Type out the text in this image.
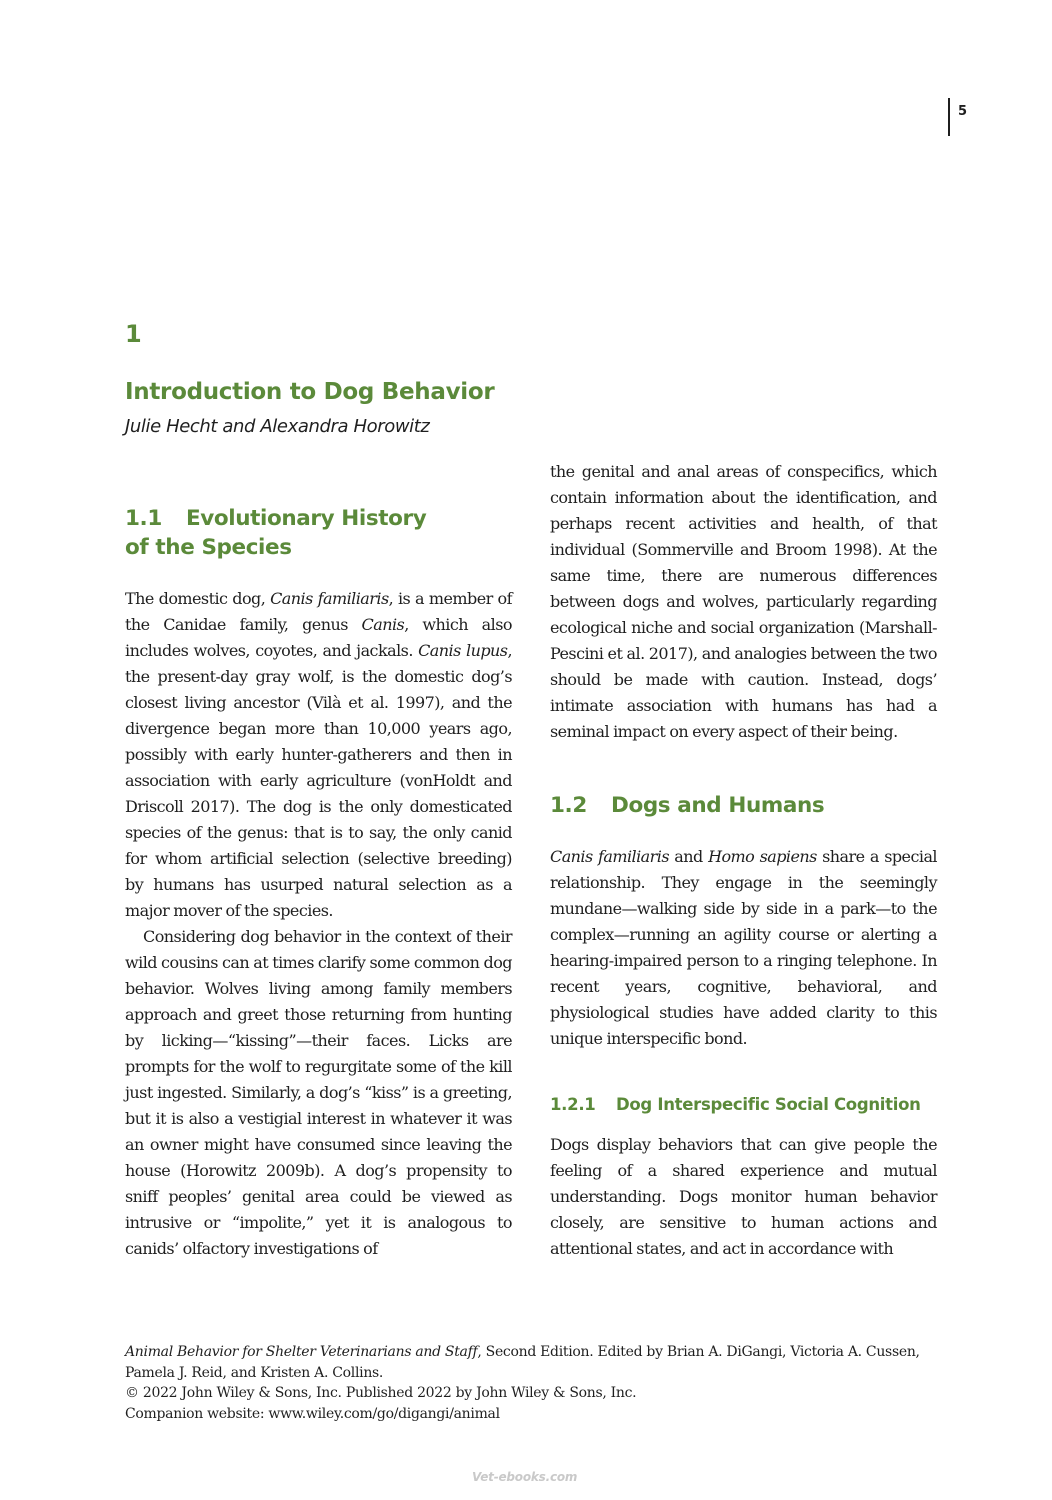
5
1
Introduction to Dog Behavior
Julie Hecht and Alexandra Horowitz
1.1 Evolutionary History
of the Species

The domestic dog, Canis familiaris, is a member of the Canidae family, genus Canis, which also includes wolves, coyotes, and jackals. Canis lupus, the present-day gray wolf, is the domestic dog’s closest living ancestor (Vilà et al. 1997), and the divergence began more than 10,000 years ago, possibly with early hunter-gatherers and then in association with early agriculture (vonHoldt and Driscoll 2017). The dog is the only domesticated species of the genus: that is to say, the only canid for whom artificial selection (selective breeding) by humans has usurped natural selection as a major mover of the species.

Considering dog behavior in the context of their wild cousins can at times clarify some common dog behavior. Wolves living among family members approach and greet those returning from hunting by licking—“kissing”—their faces. Licks are prompts for the wolf to regurgitate some of the kill just ingested. Similarly, a dog’s “kiss” is a greeting, but it is also a vestigial interest in whatever it was an owner might have consumed since leaving the house (Horowitz 2009b). A dog’s propensity to sniff peoples’ genital area could be viewed as intrusive or “impolite,” yet it is analogous to canids’ olfactory investigations of

the genital and anal areas of conspecifics, which contain information about the identification, and perhaps recent activities and health, of that individual (Sommerville and Broom 1998). At the same time, there are numerous differences between dogs and wolves, particularly regarding ecological niche and social organization (Marshall-Pescini et al. 2017), and analogies between the two should be made with caution. Instead, dogs’ intimate association with humans has had a seminal impact on every aspect of their being.

1.2 Dogs and Humans

Canis familiaris and Homo sapiens share a special relationship. They engage in the seemingly mundane—walking side by side in a park—to the complex—running an agility course or alerting a hearing-impaired person to a ringing telephone. In recent years, cognitive, behavioral, and physiological studies have added clarity to this unique interspecific bond.

1.2.1 Dog Interspecific Social Cognition

Dogs display behaviors that can give people the feeling of a shared experience and mutual understanding. Dogs monitor human behavior closely, are sensitive to human actions and attentional states, and act in accordance with

Animal Behavior for Shelter Veterinarians and Staff, Second Edition. Edited by Brian A. DiGangi, Victoria A. Cussen,
Pamela J. Reid, and Kristen A. Collins.
© 2022 John Wiley & Sons, Inc. Published 2022 by John Wiley & Sons, Inc.
Companion website: www.wiley.com/go/digangi/animal
Vet-ebooks.com
